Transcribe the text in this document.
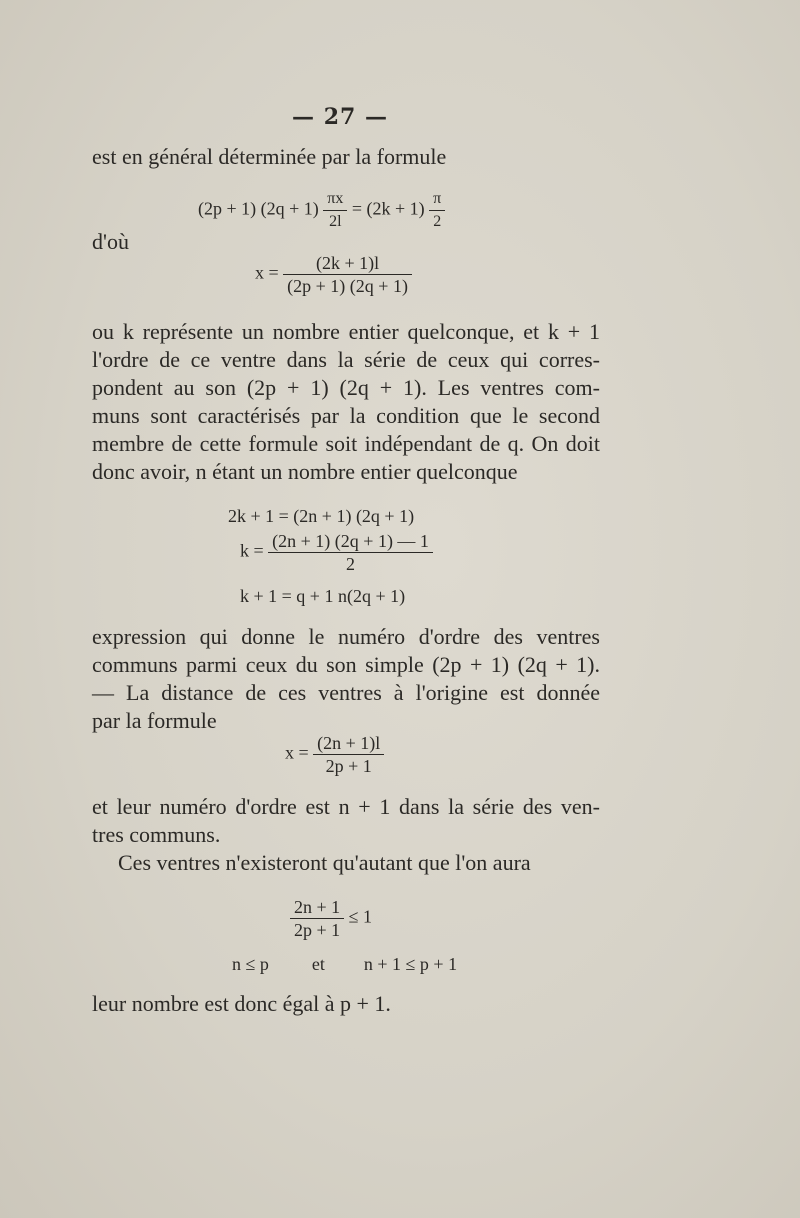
— 27 —
est en général déterminée par la formule
(2p + 1) $(2q + 1) \frac{\pi x}{2l} = (2k + 1) \frac{\pi}{2}$
d'où
$x = \frac{(2k + 1)l}{(2p + 1) (2q + 1)}$
ou k représente un nombre entier quelconque, et k + 1
l'ordre de ce ventre dans la série de ceux qui corres-
pondent au son (2p + 1) (2q + 1). Les ventres com-
muns sont caractérisés par la condition que le second
membre de cette formule soit indépendant de q. On doit
donc avoir, n étant un nombre entier quelconque
2k + 1 = (2n + 1) (2q + 1)
$k = \frac{(2n + 1) (2q + 1) — 1}{2}$
k + 1 = q + 1 n(2q + 1)
expression qui donne le numéro d'ordre des ventres
communs parmi ceux du son simple (2p + 1) (2q + 1).
— La distance de ces ventres à l'origine est donnée
par la formule
$x = \frac{(2n + 1)l}{2p + 1}$
et leur numéro d'ordre est n + 1 dans la série des ven-
tres communs.
Ces ventres n'existeront qu'autant que l'on aura
$\frac{2n + 1}{2p + 1} \le 1$
n ≤ p et n + 1 ≤ p + 1
leur nombre est donc égal à p + 1.
